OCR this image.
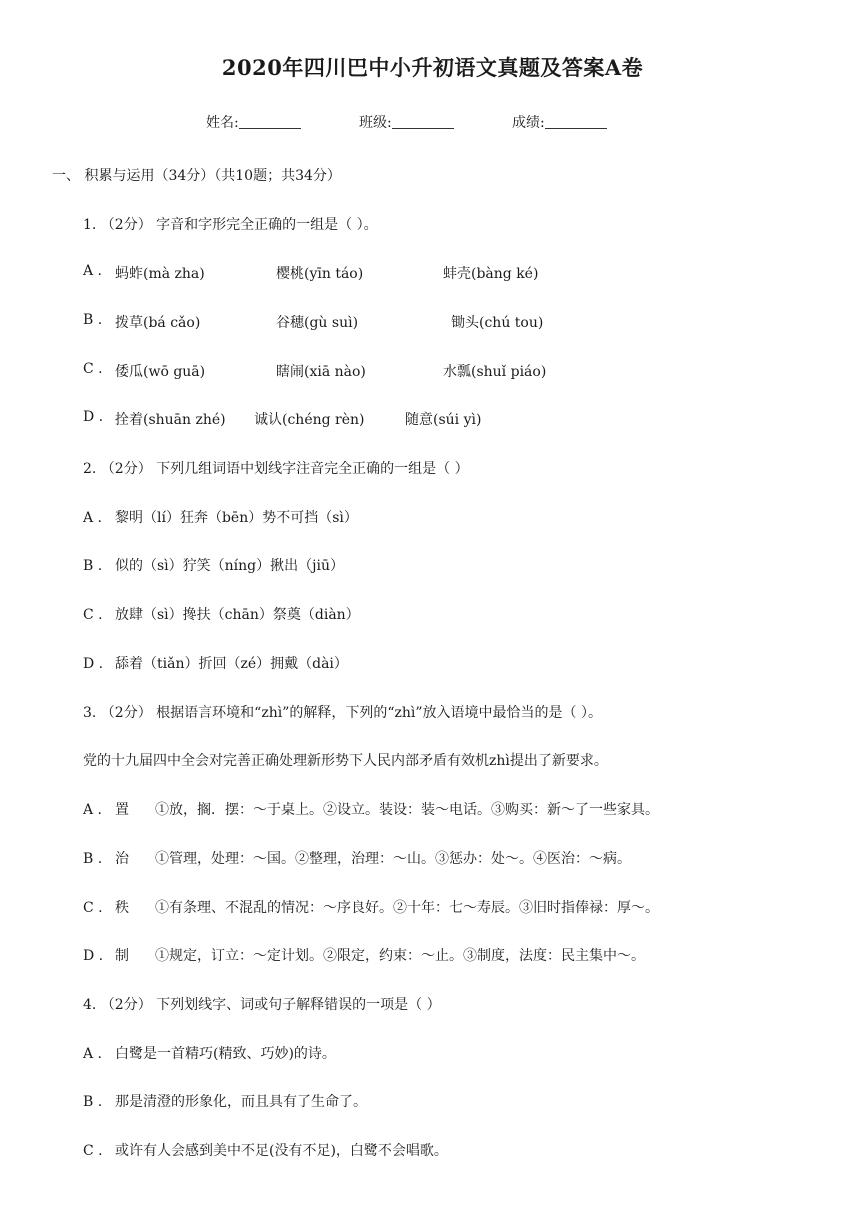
2020年四川巴中小升初语文真题及答案A卷
姓名:	班级:	成绩:
一、 积累与运用（34分）（共10题；共34分）
1. （2分） 字音和字形完全正确的一组是（ ）。
A . 蚂蚱(mà zha)	樱桃(yīn táo)	蚌壳(bàng ké)
B . 拨草(bá cǎo)	谷穗(gù suì)	锄头(chú tou)
C . 倭瓜(wō guā)	瞎闹(xiā nào)	水瓢(shuǐ piáo)
D . 拴着(shuān zhé) 诚认(chéng rèn)	随意(súi yì)
2. （2分） 下列几组词语中划线字注音完全正确的一组是（ ）
A . 黎明（lí）狂奔（bēn）势不可挡（sì）
B . 似的（sì）狞笑（níng）揪出（jiū）
C . 放肆（sì）搀扶（chān）祭奠（diàn）
D . 舔着（tiǎn）折回（zé）拥戴（dài）
3. （2分） 根据语言环境和“zhì”的解释，下列的“zhì”放入语境中最恰当的是（ ）。
党的十九届四中全会对完善正确处理新形势下人民内部矛盾有效机zhì提出了新要求。
A . 置 ①放，搁．摆：～于桌上。②设立。装设：装～电话。③购买：新～了一些家具。
B . 治 ①管理，处理：～国。②整理，治理：～山。③惩办：处～。④医治：～病。
C . 秩 ①有条理、不混乱的情况：～序良好。②十年：七～寿辰。③旧时指俸禄：厚～。
D . 制 ①规定，订立：～定计划。②限定，约束：～止。③制度，法度：民主集中～。
4. （2分） 下列划线字、词或句子解释错误的一项是（ ）
A . 白鹭是一首精巧(精致、巧妙)的诗。
B . 那是清澄的形象化，而且具有了生命了。
C . 或许有人会感到美中不足(没有不足)，白鹭不会唱歌。
